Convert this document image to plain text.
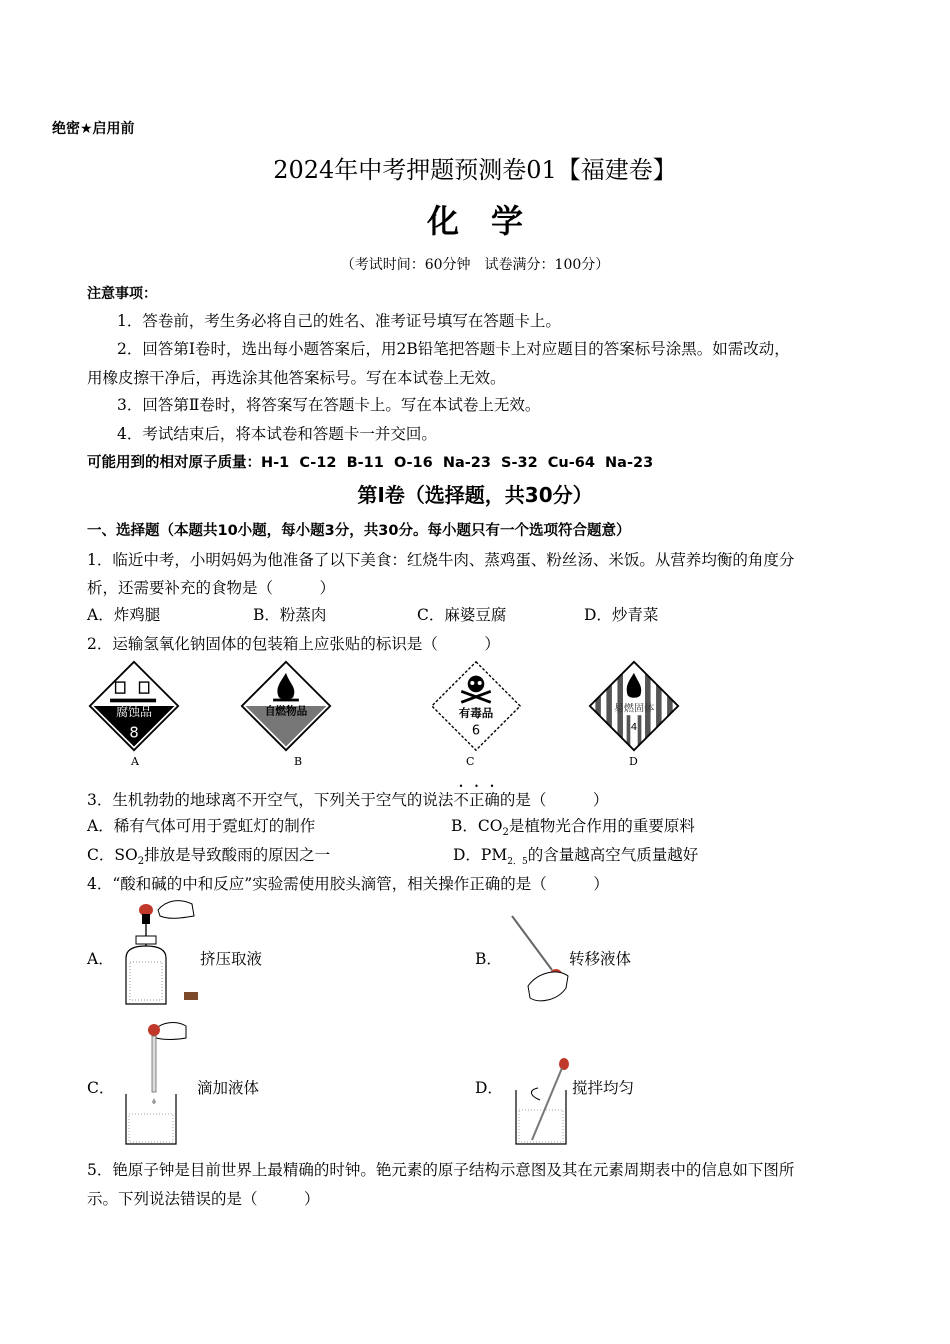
绝密★启用前
2024年中考押题预测卷01【福建卷】
化　学
（考试时间：60分钟　试卷满分：100分）
注意事项：
1．答卷前，考生务必将自己的姓名、准考证号填写在答题卡上。
2．回答第Ⅰ卷时，选出每小题答案后，用2B铅笔把答题卡上对应题目的答案标号涂黑。如需改动，
用橡皮擦干净后，再选涂其他答案标号。写在本试卷上无效。
3．回答第Ⅱ卷时，将答案写在答题卡上。写在本试卷上无效。
4．考试结束后，将本试卷和答题卡一并交回。
可能用到的相对原子质量：H-1  C-12  B-11  O-16  Na-23  S-32  Cu-64  Na-23
第Ⅰ卷（选择题，共30分）
一、选择题（本题共10小题，每小题3分，共30分。每小题只有一个选项符合题意）
1．临近中考，小明妈妈为他准备了以下美食：红烧牛肉、蒸鸡蛋、粉丝汤、米饭。从营养均衡的角度分
析，还需要补充的食物是（　　　）
A．炸鸡腿	B．粉蒸肉	C．麻婆豆腐	D．炒青菜
2．运输氢氧化钠固体的包装箱上应张贴的标识是（　　　）
腐蚀品
8
A
自燃物品
B
有毒品
6
C
易燃固体
4
D
3．生机勃勃的地球离不开空气，下列关于空气的说法不正确的是（　　　）
A．稀有气体可用于霓虹灯的制作	B．$CO_2$是植物光合作用的重要原料
C．$SO_2$排放是导致酸雨的原因之一	D．$PM_{2.5}$的含量越高空气质量越好
4．“酸和碱的中和反应”实验需使用胶头滴管，相关操作正确的是（　　　）
A．	挤压取液	B．	转移液体
C．	滴加液体	D．	搅拌均匀
5．铯原子钟是目前世界上最精确的时钟。铯元素的原子结构示意图及其在元素周期表中的信息如下图所
示。下列说法错误的是（　　　）
